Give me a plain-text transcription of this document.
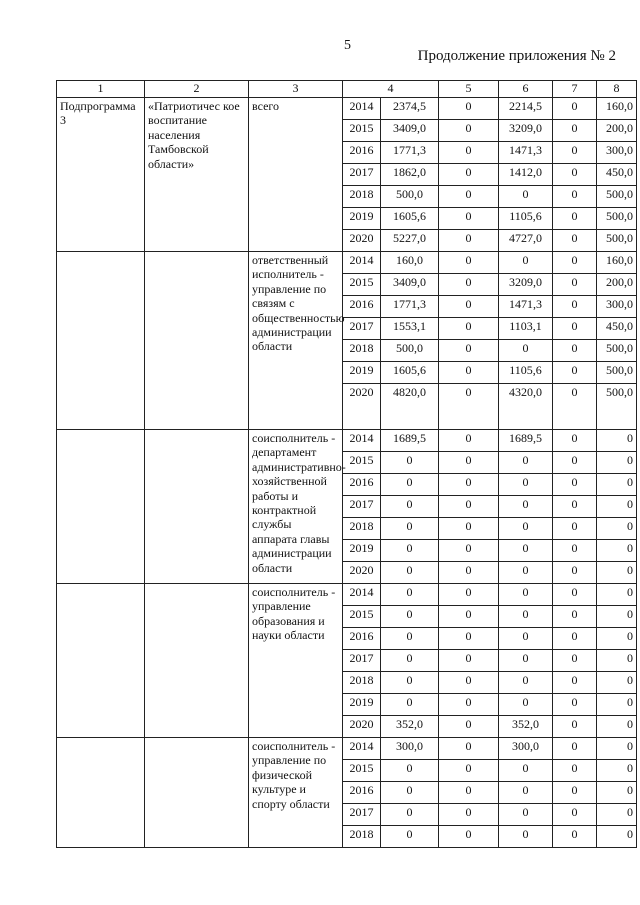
5
Продолжение приложения № 2
1	2	3	4		5	6	7	8
Подпрограмма 3	«Патриотичес кое воспитание населения Тамбовской области»	всего	2014	2374,5	0	2214,5	0	160,0
			2015	3409,0	0	3209,0	0	200,0
			2016	1771,3	0	1471,3	0	300,0
			2017	1862,0	0	1412,0	0	450,0
			2018	500,0	0	0	0	500,0
			2019	1605,6	0	1105,6	0	500,0
			2020	5227,0	0	4727,0	0	500,0
		ответственный исполнитель - управление по связям с общественностью администрации области	2014	160,0	0	0	0	160,0
			2015	3409,0	0	3209,0	0	200,0
			2016	1771,3	0	1471,3	0	300,0
			2017	1553,1	0	1103,1	0	450,0
			2018	500,0	0	0	0	500,0
			2019	1605,6	0	1105,6	0	500,0
			2020	4820,0	0	4320,0	0	500,0
		соисполнитель - департамент административно-хозяйственной работы и контрактной службы аппарата главы администрации области	2014	1689,5	0	1689,5	0	0
			2015	0	0	0	0	0
			2016	0	0	0	0	0
			2017	0	0	0	0	0
			2018	0	0	0	0	0
			2019	0	0	0	0	0
			2020	0	0	0	0	0
		соисполнитель - управление образования и науки области	2014	0	0	0	0	0
			2015	0	0	0	0	0
			2016	0	0	0	0	0
			2017	0	0	0	0	0
			2018	0	0	0	0	0
			2019	0	0	0	0	0
			2020	352,0	0	352,0	0	0
		соисполнитель - управление по физической культуре и спорту области	2014	300,0	0	300,0	0	0
			2015	0	0	0	0	0
			2016	0	0	0	0	0
			2017	0	0	0	0	0
			2018	0	0	0	0	0
